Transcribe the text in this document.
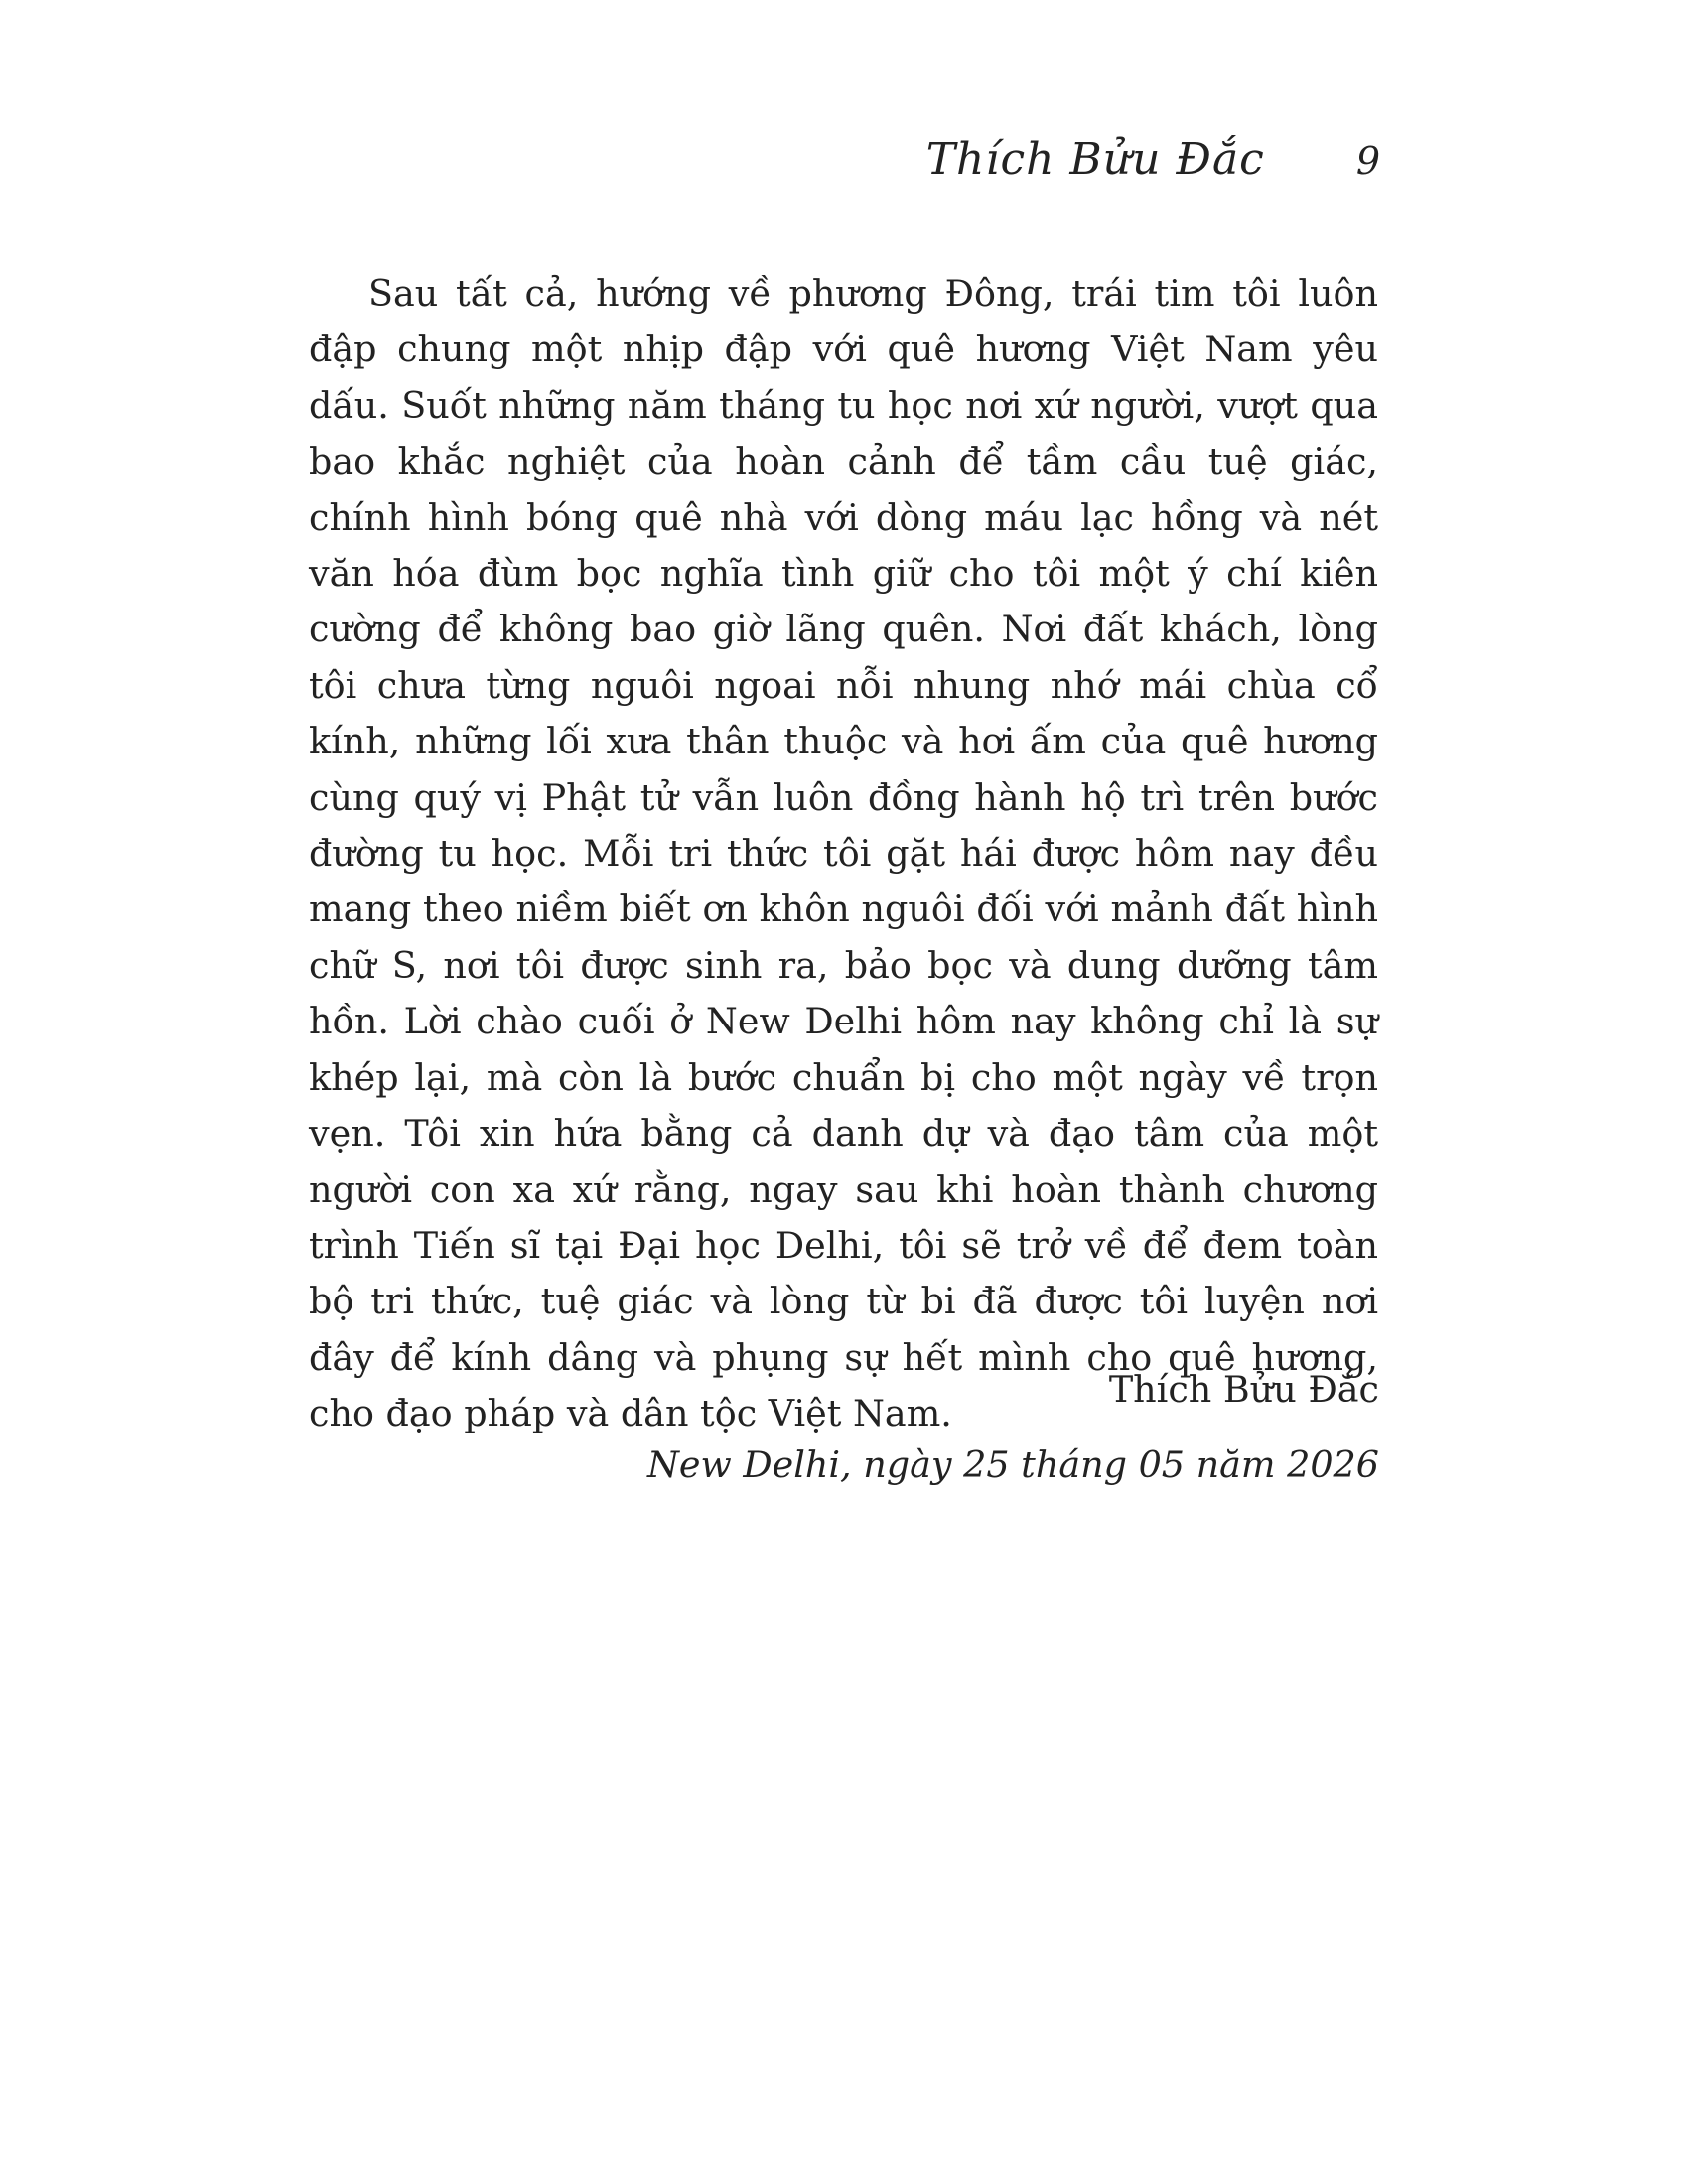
Thích Bửu Đắc 9

Sau tất cả, hướng về phương Đông, trái tim tôi luôn đập chung một nhịp đập với quê hương Việt Nam yêu dấu. Suốt những năm tháng tu học nơi xứ người, vượt qua bao khắc nghiệt của hoàn cảnh để tầm cầu tuệ giác, chính hình bóng quê nhà với dòng máu lạc hồng và nét văn hóa đùm bọc nghĩa tình giữ cho tôi một ý chí kiên cường để không bao giờ lãng quên. Nơi đất khách, lòng tôi chưa từng nguôi ngoai nỗi nhung nhớ mái chùa cổ kính, những lối xưa thân thuộc và hơi ấm của quê hương cùng quý vị Phật tử vẫn luôn đồng hành hộ trì trên bước đường tu học. Mỗi tri thức tôi gặt hái được hôm nay đều mang theo niềm biết ơn khôn nguôi đối với mảnh đất hình chữ S, nơi tôi được sinh ra, bảo bọc và dung dưỡng tâm hồn. Lời chào cuối ở New Delhi hôm nay không chỉ là sự khép lại, mà còn là bước chuẩn bị cho một ngày về trọn vẹn. Tôi xin hứa bằng cả danh dự và đạo tâm của một người con xa xứ rằng, ngay sau khi hoàn thành chương trình Tiến sĩ tại Đại học Delhi, tôi sẽ trở về để đem toàn bộ tri thức, tuệ giác và lòng từ bi đã được tôi luyện nơi đây để kính dâng và phụng sự hết mình cho quê hương, cho đạo pháp và dân tộc Việt Nam.

Thích Bửu Đắc
New Delhi, ngày 25 tháng 05 năm 2026
